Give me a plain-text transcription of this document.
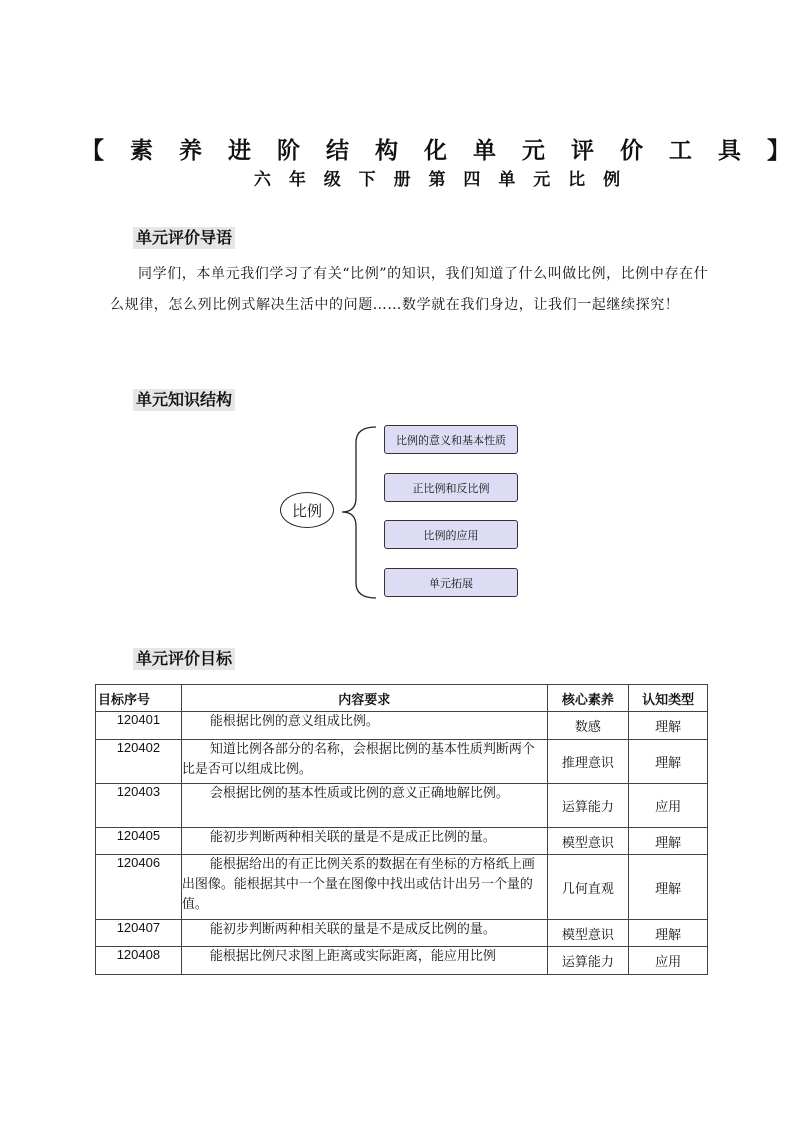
【 素 养 进 阶 结 构 化 单 元 评 价 工 具 】
六 年 级 下 册 第 四 单 元 比 例
单元评价导语
同学们，本单元我们学习了有关“比例”的知识，我们知道了什么叫做比例，比例中存在什么规律，怎么列比例式解决生活中的问题……数学就在我们身边，让我们一起继续探究！
单元知识结构
比例
比例的意义和基本性质
正比例和反比例
比例的应用
单元拓展
单元评价目标
目标序号	内容要求	核心素养	认知类型
120401	能根据比例的意义组成比例。	数感	理解
120402	知道比例各部分的名称，会根据比例的基本性质判断两个比是否可以组成比例。	推理意识	理解
120403	会根据比例的基本性质或比例的意义正确地解比例。	运算能力	应用
120405	能初步判断两种相关联的量是不是成正比例的量。	模型意识	理解
120406	能根据给出的有正比例关系的数据在有坐标的方格纸上画出图像。能根据其中一个量在图像中找出或估计出另一个量的值。	几何直观	理解
120407	能初步判断两种相关联的量是不是成反比例的量。	模型意识	理解
120408	能根据比例尺求图上距离或实际距离，能应用比例	运算能力	应用
